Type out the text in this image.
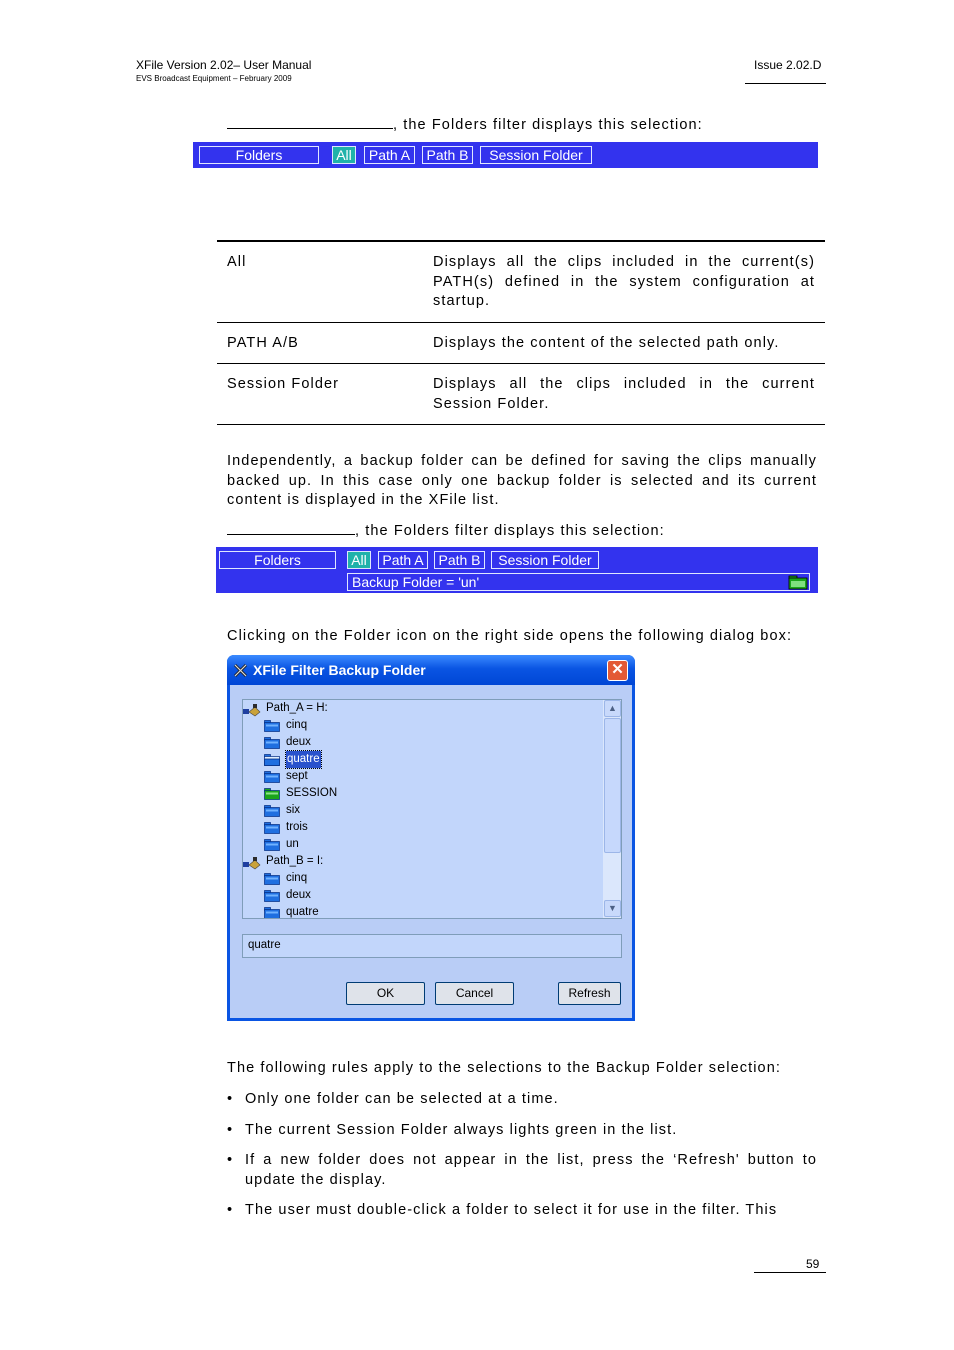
XFile Version 2.02– User Manual
EVS Broadcast Equipment – February 2009
Issue 2.02.D
, the Folders filter displays this selection:
Folders	All	Path A	Path B	Session Folder
All	Displays all the clips included in the current(s) PATH(s) defined in the system configuration at startup.
PATH A/B	Displays the content of the selected path only.
Session Folder	Displays all the clips included in the current Session Folder.
Independently, a backup folder can be defined for saving the clips manually backed up. In this case only one backup folder is selected and its current content is displayed in the XFile list.
, the Folders filter displays this selection:
Folders	All	Path A	Path B	Session Folder
Backup Folder = 'un'
Clicking on the Folder icon on the right side opens the following dialog box:
XFile Filter Backup Folder	✕
quatre
deux
cinq
Path_B = I:
un
trois
six
SESSION
sept
quatre
deux
cinq
Path_A = H:	▲
▼
quatre
OK	Cancel	Refresh
The following rules apply to the selections to the Backup Folder selection:
• Only one folder can be selected at a time.
• The current Session Folder always lights green in the list.
• If a new folder does not appear in the list, press the ‘Refresh' button to update the display.
• The user must double-click a folder to select it for use in the filter. This
59
